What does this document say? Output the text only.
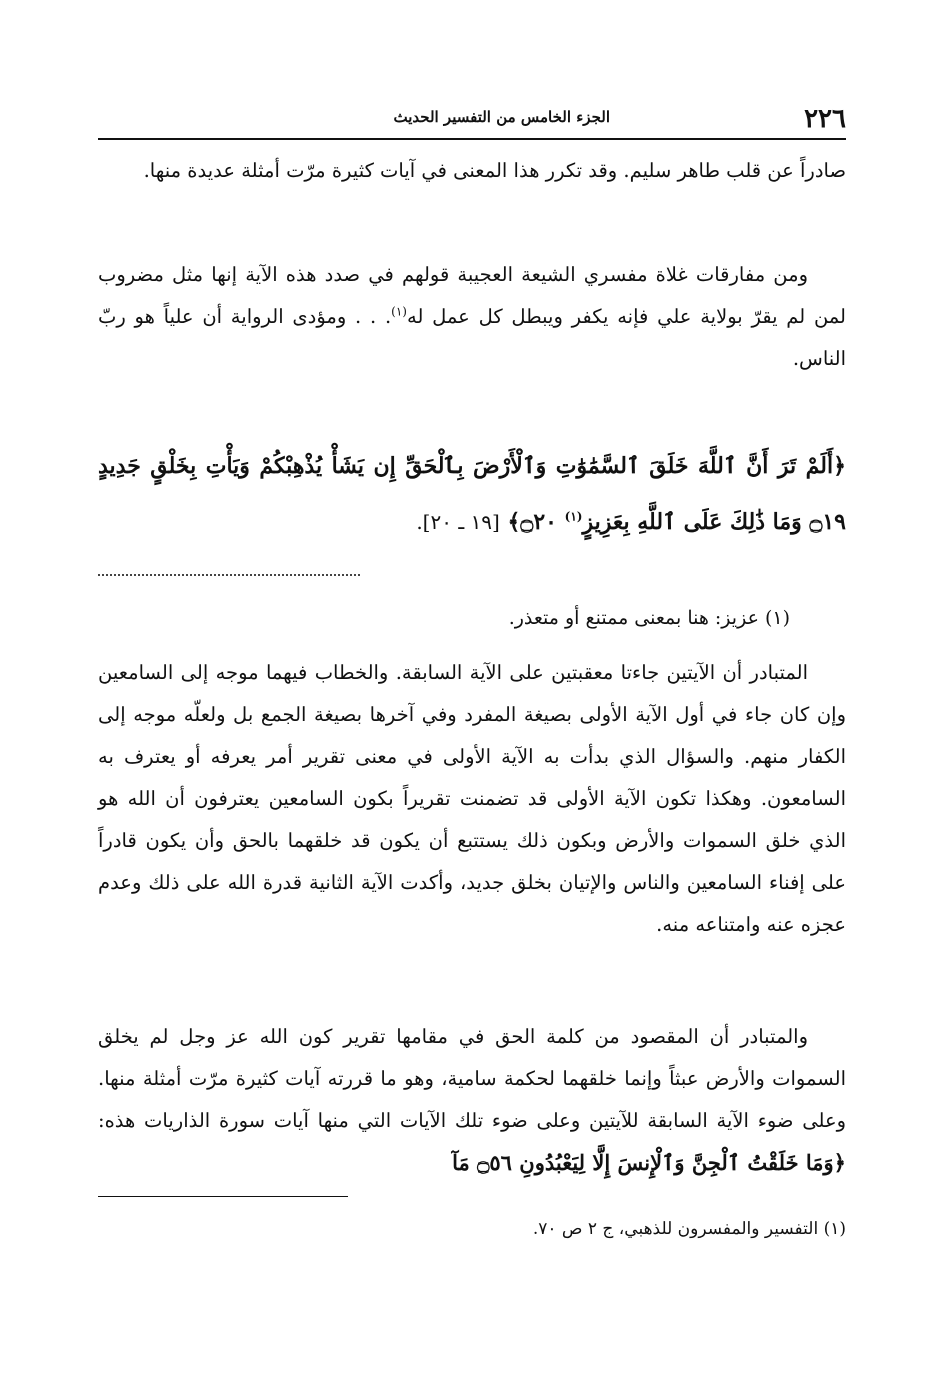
٢٢٦
الجزء الخامس من التفسير الحديث

صادراً عن قلب طاهر سليم. وقد تكرر هذا المعنى في آيات كثيرة مرّت أمثلة عديدة منها.

ومن مفارقات غلاة مفسري الشيعة العجيبة قولهم في صدد هذه الآية إنها مثل مضروب لمن لم يقرّ بولاية علي فإنه يكفر ويبطل كل عمل له$^{(١)}$. . . ومؤدى الرواية أن علياً هو ربّ الناس.

﴿أَلَمْ تَرَ أَنَّ ٱللَّهَ خَلَقَ ٱلسَّمَٰوَٰتِ وَٱلْأَرْضَ بِٱلْحَقِّ إِن يَشَأْ يُذْهِبْكُمْ وَيَأْتِ بِخَلْقٍ جَدِيدٍ ۝١٩ وَمَا ذَٰلِكَ عَلَى ٱللَّهِ بِعَزِيزٍ$^{(١)}$ ۝٢٠﴾ [١٩ ـ ٢٠].
(١) عزيز: هنا بمعنى ممتنع أو متعذر.

المتبادر أن الآيتين جاءتا معقبتين على الآية السابقة. والخطاب فيهما موجه إلى السامعين وإن كان جاء في أول الآية الأولى بصيغة المفرد وفي آخرها بصيغة الجمع بل ولعلّه موجه إلى الكفار منهم. والسؤال الذي بدأت به الآية الأولى في معنى تقرير أمر يعرفه أو يعترف به السامعون. وهكذا تكون الآية الأولى قد تضمنت تقريراً بكون السامعين يعترفون أن الله هو الذي خلق السموات والأرض وبكون ذلك يستتبع أن يكون قد خلقهما بالحق وأن يكون قادراً على إفناء السامعين والناس والإتيان بخلق جديد، وأكدت الآية الثانية قدرة الله على ذلك وعدم عجزه عنه وامتناعه منه.

والمتبادر أن المقصود من كلمة الحق في مقامها تقرير كون الله عز وجل لم يخلق السموات والأرض عبثاً وإنما خلقهما لحكمة سامية، وهو ما قررته آيات كثيرة مرّت أمثلة منها. وعلى ضوء الآية السابقة للآيتين وعلى ضوء تلك الآيات التي منها آيات سورة الذاريات هذه: ﴿وَمَا خَلَقْتُ ٱلْجِنَّ وَٱلْإِنسَ إِلَّا لِيَعْبُدُونِ ۝٥٦ مَآ

(١) التفسير والمفسرون للذهبي، ج ٢ ص ٧٠.
